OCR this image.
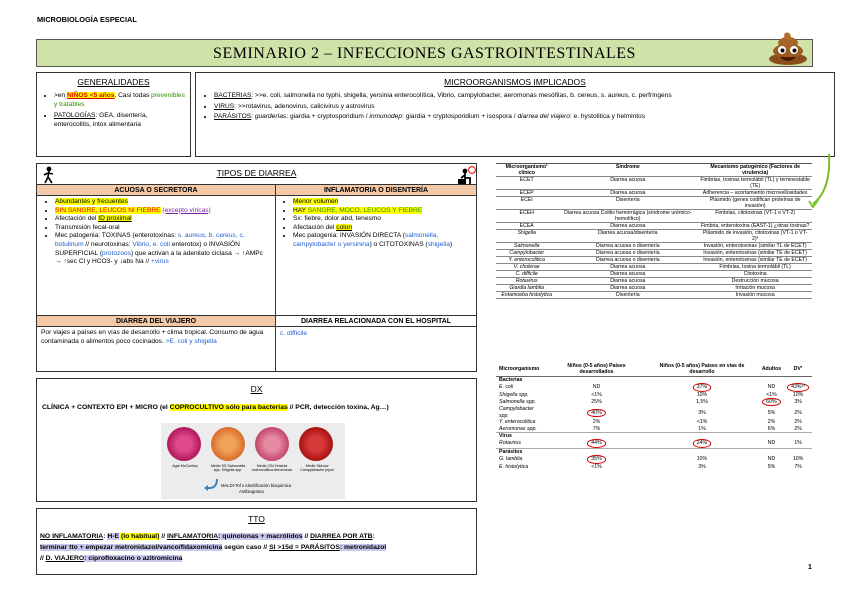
MICROBIOLOGÍA ESPECIAL
SEMINARIO 2 – INFECCIONES GASTROINTESTINALES
GENERALIDADES
• >en NIÑOS <5 años. Casi todas prevenibles y tratables
• PATOLOGÍAS: GEA, disentería, enterocolitis, intox alimentaria
MICROORGANISMOS IMPLICADOS
• BACTERIAS: >>e. coli, salmonella no typhi, shigella, yersinia enterocolítica, Vibrio, campylobacter, aeromonas mesófilas, b. cereus, s. aureus, c. perfringens
• VIRUS: >>rotavirus, adenovirus, calicivirus y astrovirus
• PARÁSITOS: guarderías: giardia + cryptosporidium / inmunodep: giardia + cryptosporidium + isospora / diarrea del viajero: e. hystolitica y helmintos
TIPOS DE DIARREA
ACUOSA O SECRETORA	INFLAMATORIA O DISENTERÍA
• Abundantes y frecuentes
• SIN SANGRE, LEUCOS NI FIEBRE (excepto víricas)
• Afectación del ID proximal
• Transmisión fecal-oral
• Mec patogenia: TOXINAS (enterotoxinas: s. aureus, b. cereus, c. botulinum // neurotoxinas: Vibrio, e. coli enterotox) o INVASIÓN SUPERFICIAL (protozoos) que activan a la adenilato ciclasa → ↑AMPc → ↑sec Cl y HCO3- y ↓abs Na // +virus
• Menor volumen
• HAY SANGRE, MOCO, LEUCOS Y FIEBRE
• Sx: fiebre, dolor abd, tenesmo
• Afectación del colon
• Mec patogenia: INVASIÓN DIRECTA (salmonella, campylobacter o yersinina) o CITOTOXINAS (shigella)
DIARREA DEL VIAJERO	DIARREA RELACIONADA CON EL HOSPITAL
Por viajes a países en vías de desarrollo + clima tropical. Consumo de agua contaminada o alimentos poco cocinados. >E. coli y shigella
c. difficile
DX
CLÍNICA + CONTEXTO EPI + MICRO (el COPROCULTIVO sólo para bacterias // PCR, detección toxina, Ag…)
Agar McConkey	Medio SS Salmonella spp. Shigella spp.
Medio CIN Yersinia enterocolitica Aeromonas
Medio Skirrow Campylobacter jejuni
MALDI-Tof e identificación bioquímica
Antibiograma
TTO
NO INFLAMATORIA: H-E (lo habitual) // INFLAMATORIA: quinolonas + macrólidos // DIARREA POR ATB:
terminar tto + empezar metronidazol/vanco/fidaxomicina según caso // SI >15d = PARÁSITOS: metronidazol
// D. VIAJERO: ciprofloxacino o azitromicina
Microorganismo¹ clínico	Síndrome	Mecanismo patogénico (Factores de virulencia)
ECET	Diarrea acuosa	Fimbrias, toxinas termolábil (TL) y termoestable (TE)
ECEP	Diarrea acuosa	Adherencia – acortamiento microvellosidades
ECEI	Disentería	Plásmido (genes codifican proteínas de invasión)
ECEH	Diarrea acuosa Colitis hemorrágica (síndrome urémico-hemolítico)	Fimbrias, citotoxinas (VT-1 o VT-2)
ECEA	Diarrea acuosa	Fimbria, enterotoxina (EAST-1) ¿otras toxinas?
Shigella	Diarrea acuosa/disentería	Plásmido de invasión, citotoxinas (VT-1 o VT-2)²
Salmonella	Diarrea acuosa o disentería	Invasión, enterotoxinas (similar TL de ECET)
Campylobacter	Diarrea acuosa o disentería	Invasión, enterotoxinas (similar TE de ECET)
Y. enterocolitica	Diarrea acuosa o disentería	Invasión, enterotoxinas (similar TE de ECET)
V. cholerae	Diarrea acuosa	Fimbrias, toxina termolábil (TL)
C. difficile	Diarrea acuosa	Citotoxina
Rotavirus	Diarrea acuosa	Destrucción mucosa
Giardia lamblia	Diarrea acuosa	Irritación mucosa
Entamoeba histolytica	Disentería	Invasión mucosa
Microorganismo	Niños (0-5 años) Países desarrollados	Niños (0-5 años) Países en vías de desarrollo	Adultos	DV¹
Bacterias				
E. coli	ND	37%	ND	43%²³
Shigella spp.	<1%	10%	<1%	10%
Salmonella spp.	25%	1,5%	60%	3%
Campylobacter spp.	40%	3%	5%	2%
Y. enterocolitica	2%	<1%	2%	2%
Aeromonas spp.	7%	1%	6%	2%
Virus				
Rotavirus	44%	24%	ND	1%
Parásitos				
G. lamblia	35%	10%	ND	10%
E. histolytica	<1%	3%	5%	7%
1
